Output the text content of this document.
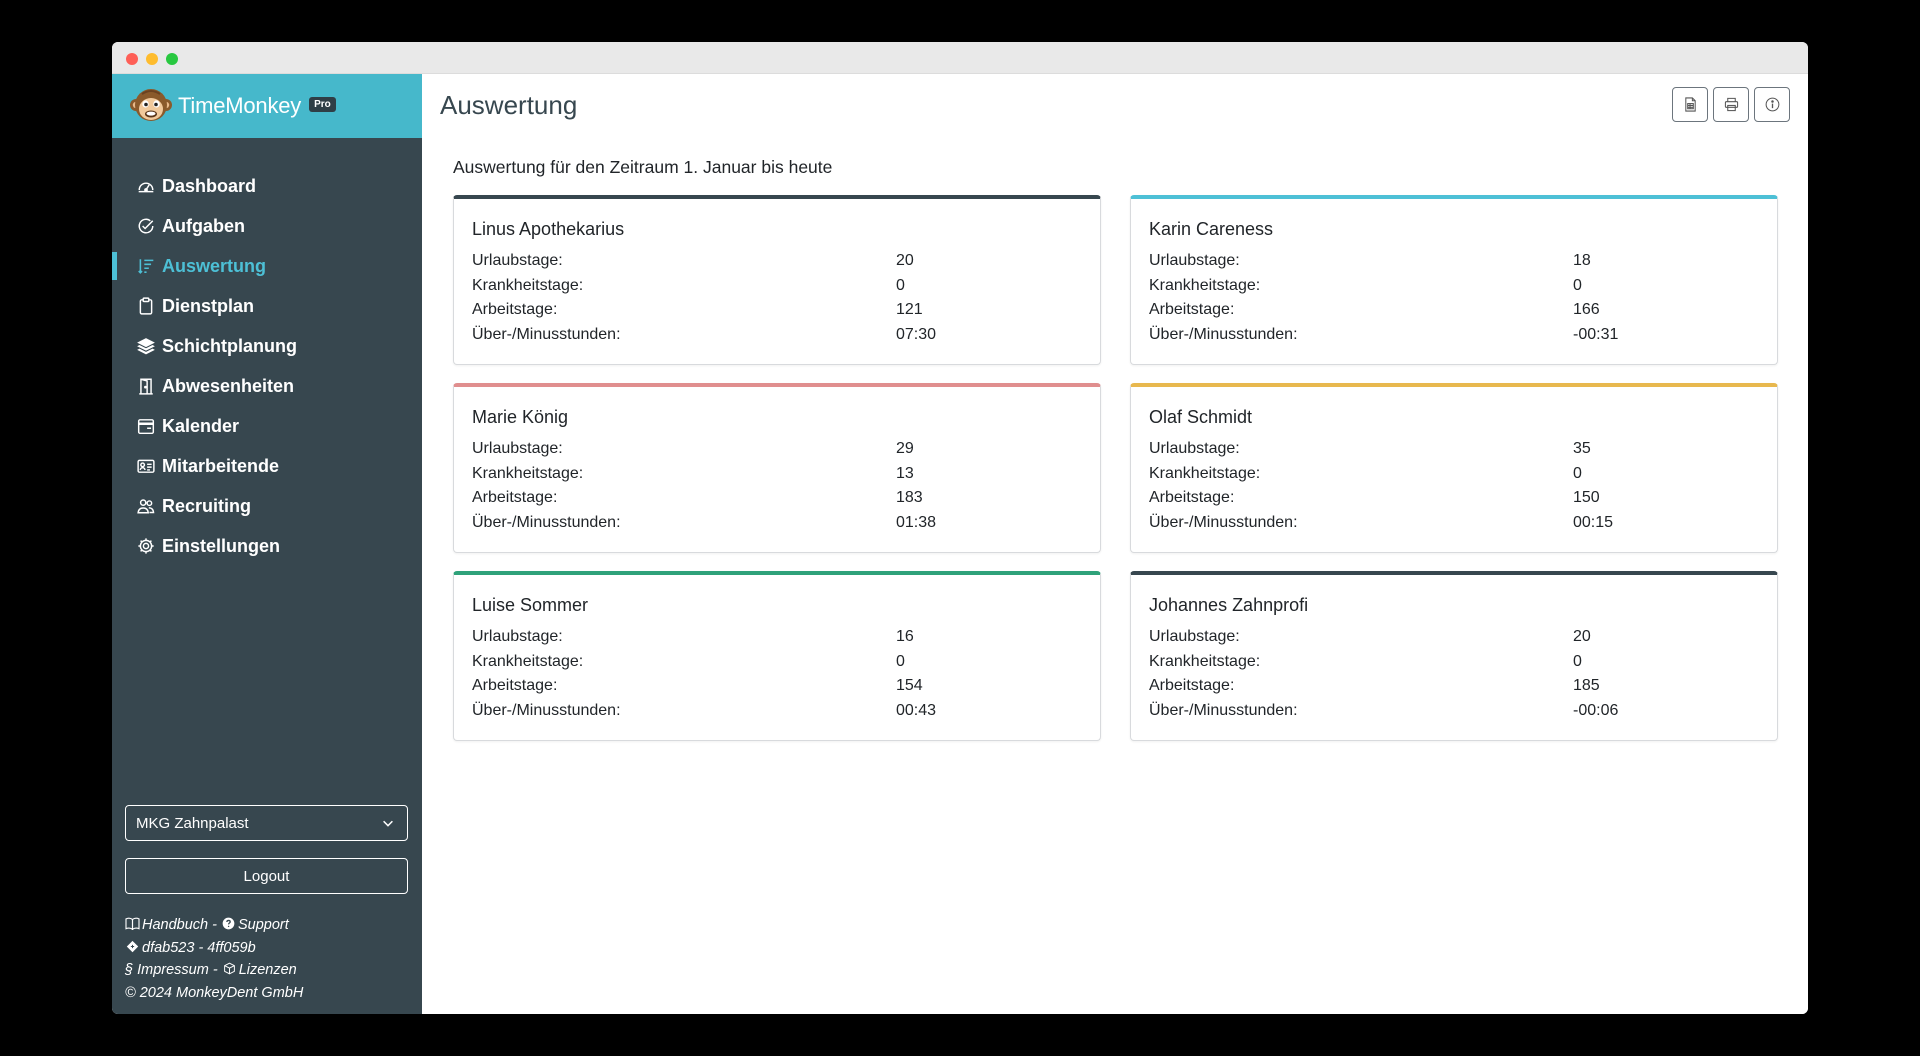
TimeMonkey	Pro
Dashboard
Aufgaben
Auswertung
Dienstplan
Schichtplanung
Abwesenheiten
Kalender
Mitarbeitende
Recruiting
Einstellungen
MKG Zahnpalast
Logout
Handbuch - Support
dfab523 - 4ff059b
§ Impressum - Lizenzen
© 2024 MonkeyDent GmbH
Auswertung

Auswertung für den Zeitraum 1. Januar bis heute

Linus Apothekarius
Urlaubstage:	20
Krankheitstage:	0
Arbeitstage:	121
Über-/Minusstunden:	07:30
Karin Careness
Urlaubstage:	18
Krankheitstage:	0
Arbeitstage:	166
Über-/Minusstunden:	-00:31
Marie König
Urlaubstage:	29
Krankheitstage:	13
Arbeitstage:	183
Über-/Minusstunden:	01:38
Olaf Schmidt
Urlaubstage:	35
Krankheitstage:	0
Arbeitstage:	150
Über-/Minusstunden:	00:15
Luise Sommer
Urlaubstage:	16
Krankheitstage:	0
Arbeitstage:	154
Über-/Minusstunden:	00:43
Johannes Zahnprofi
Urlaubstage:	20
Krankheitstage:	0
Arbeitstage:	185
Über-/Minusstunden:	-00:06
